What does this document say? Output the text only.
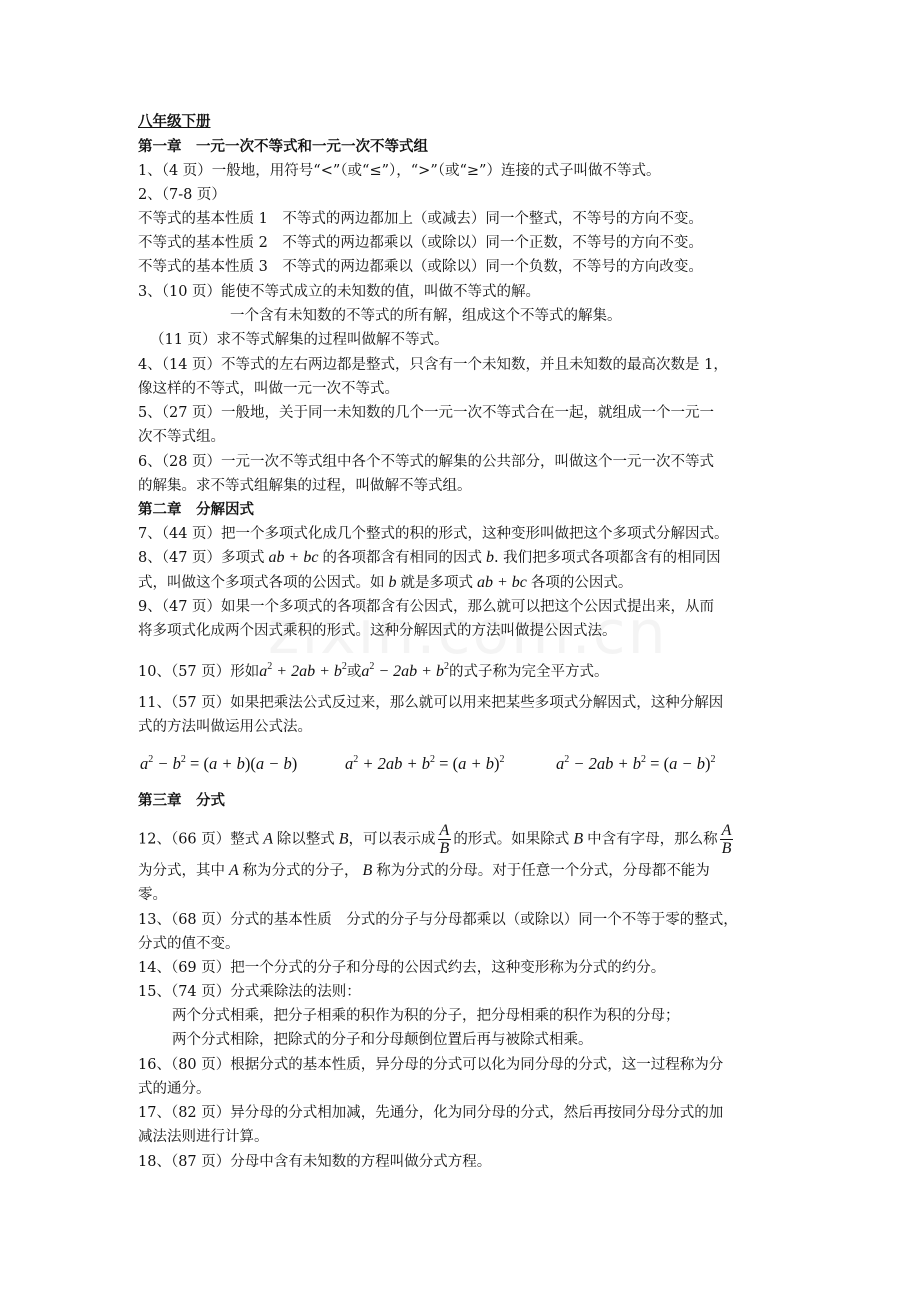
八年级下册
第一章　一元一次不等式和一元一次不等式组
1、（4 页）一般地，用符号“<”（或“≤”），“>”（或“≥”）连接的式子叫做不等式。
2、（7-8 页）
不等式的基本性质 1　不等式的两边都加上（或减去）同一个整式，不等号的方向不变。
不等式的基本性质 2　不等式的两边都乘以（或除以）同一个正数，不等号的方向不变。
不等式的基本性质 3　不等式的两边都乘以（或除以）同一个负数，不等号的方向改变。
3、（10 页）能使不等式成立的未知数的值，叫做不等式的解。
一个含有未知数的不等式的所有解，组成这个不等式的解集。
（11 页）求不等式解集的过程叫做解不等式。
4、（14 页）不等式的左右两边都是整式，只含有一个未知数，并且未知数的最高次数是 1，
像这样的不等式，叫做一元一次不等式。
5、（27 页）一般地，关于同一未知数的几个一元一次不等式合在一起，就组成一个一元一
次不等式组。
6、（28 页）一元一次不等式组中各个不等式的解集的公共部分，叫做这个一元一次不等式
的解集。求不等式组解集的过程，叫做解不等式组。
第二章　分解因式
7、（44 页）把一个多项式化成几个整式的积的形式，这种变形叫做把这个多项式分解因式。
8、（47 页）多项式 ab + bc 的各项都含有相同的因式 b. 我们把多项式各项都含有的相同因
式，叫做这个多项式各项的公因式。如 b 就是多项式 ab + bc 各项的公因式。
9、（47 页）如果一个多项式的各项都含有公因式，那么就可以把这个公因式提出来，从而
将多项式化成两个因式乘积的形式。这种分解因式的方法叫做提公因式法。
10、（57 页）形如$a^2 + 2ab + b^2$或$a^2 - 2ab + b^2$的式子称为完全平方式。
11、（57 页）如果把乘法公式反过来，那么就可以用来把某些多项式分解因式，这种分解因
式的方法叫做运用公式法。
$a^2 - b^2 = (a + b)(a - b)$	$a^2 + 2ab + b^2 = (a + b)^2$	$a^2 - 2ab + b^2 = (a - b)^2$
第三章　分式
12、（66 页）整式 A 除以整式 B，可以表示成 $\frac{A}{B}$ 的形式。如果除式 B 中含有字母，那么称 $\frac{A}{B}$
为分式，其中 A 称为分式的分子， B 称为分式的分母。对于任意一个分式，分母都不能为
零。
13、（68 页）分式的基本性质　分式的分子与分母都乘以（或除以）同一个不等于零的整式，
分式的值不变。
14、（69 页）把一个分式的分子和分母的公因式约去，这种变形称为分式的约分。
15、（74 页）分式乘除法的法则：
两个分式相乘，把分子相乘的积作为积的分子，把分母相乘的积作为积的分母；
两个分式相除，把除式的分子和分母颠倒位置后再与被除式相乘。
16、（80 页）根据分式的基本性质，异分母的分式可以化为同分母的分式，这一过程称为分
式的通分。
17、（82 页）异分母的分式相加减，先通分，化为同分母的分式，然后再按同分母分式的加
减法法则进行计算。
18、（87 页）分母中含有未知数的方程叫做分式方程。
